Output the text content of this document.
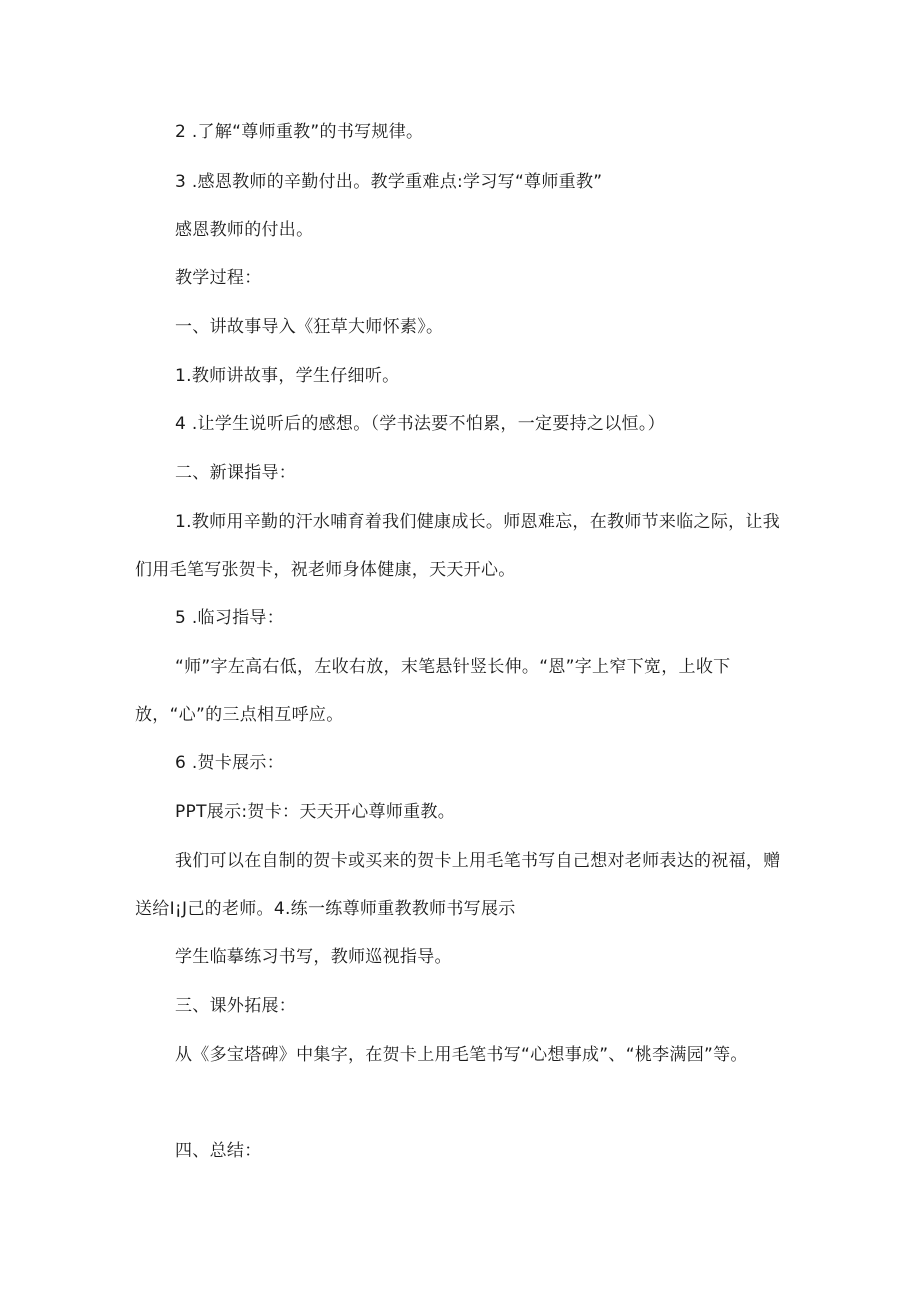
2 .了解“尊师重教”的书写规律。
3 .感恩教师的辛勤付出。教学重难点:学习写“尊师重教”
感恩教师的付出。
教学过程：
一、讲故事导入《狂草大师怀素》。
1.教师讲故事，学生仔细听。
4 .让学生说听后的感想。（学书法要不怕累，一定要持之以恒。）
二、新课指导：
1.教师用辛勤的汗水哺育着我们健康成长。师恩难忘，在教师节来临之际，让我们用毛笔写张贺卡，祝老师身体健康，天天开心。
5 .临习指导：
“师”字左高右低，左收右放，末笔悬针竖长伸。“恩”字上窄下宽，上收下放，“心”的三点相互呼应。
6 .贺卡展示：
PPT展示:贺卡：天天开心尊师重教。
我们可以在自制的贺卡或买来的贺卡上用毛笔书写自己想对老师表达的祝福，赠送给I¡J己的老师。4.练一练尊师重教教师书写展示
学生临摹练习书写，教师巡视指导。
三、课外拓展：
从《多宝塔碑》中集字，在贺卡上用毛笔书写“心想事成”、“桃李满园”等。
四、总结：
